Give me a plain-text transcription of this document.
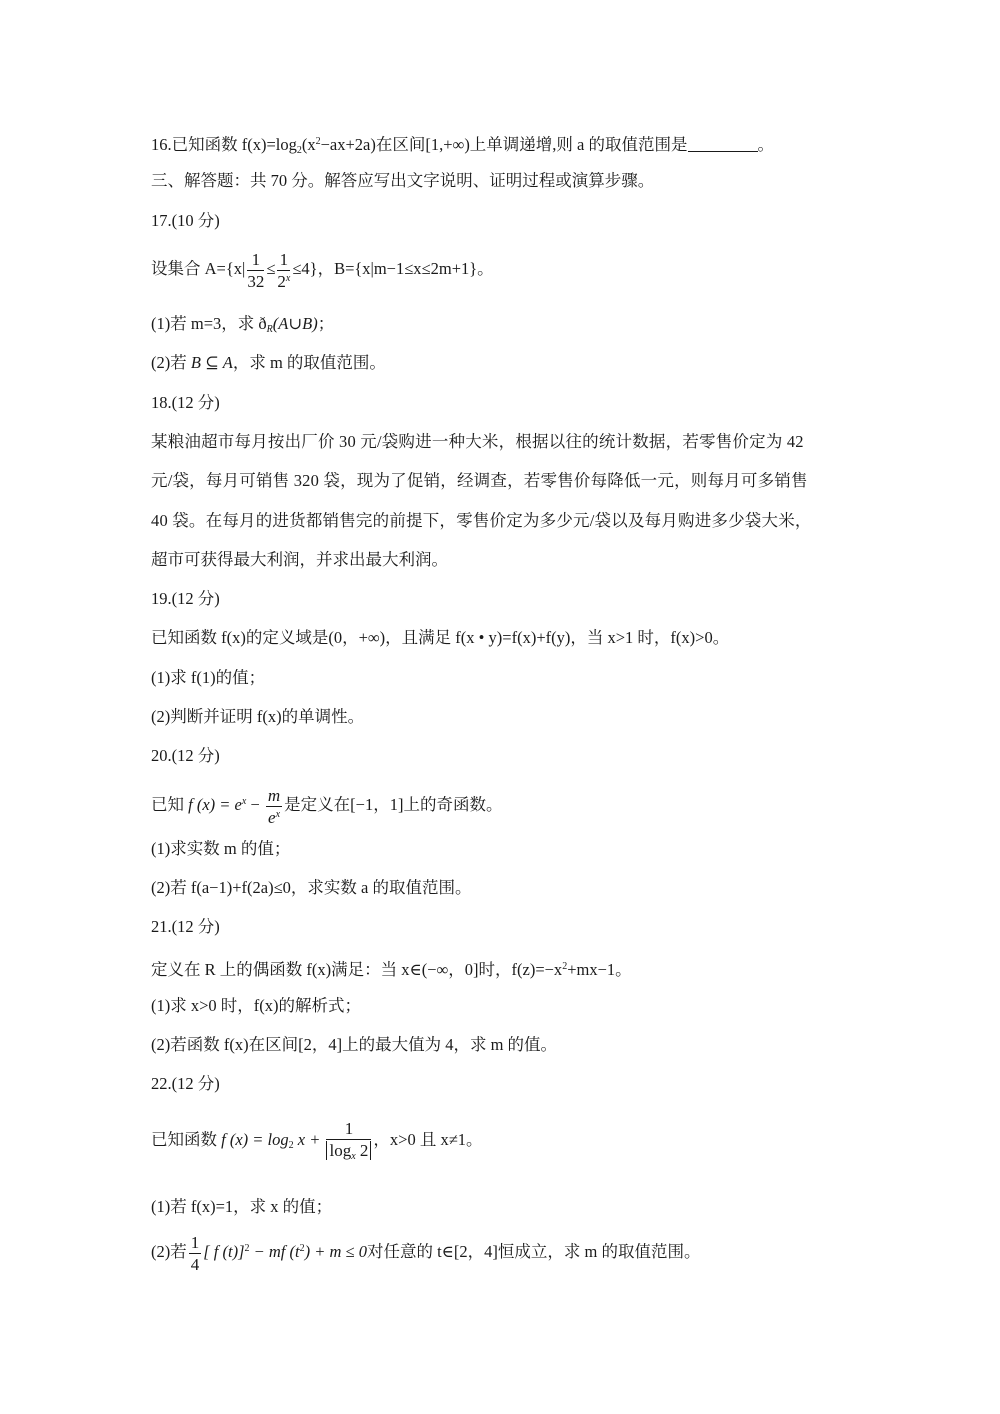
16.已知函数 $f(x)=\log_2(x^2-ax+2a)$在区间[1,+∞)上单调递增,则 a 的取值范围是	。
三、解答题：共 70 分。解答应写出文字说明、证明过程或演算步骤。
17.(10 分)
设集合 $A=\{x| \frac{1}{32} \le \frac{1}{2^x} \le 4\}$，B={x|m−1≤x≤2m+1}。
(1)若 m=3，求 $ð_R(A\cup B)$；
(2)若 B ⊆ A，求 m 的取值范围。
18.(12 分)
某粮油超市每月按出厂价 30 元/袋购进一种大米，根据以往的统计数据，若零售价定为 42
元/袋，每月可销售 320 袋，现为了促销，经调查，若零售价每降低一元，则每月可多销售
40 袋。在每月的进货都销售完的前提下，零售价定为多少元/袋以及每月购进多少袋大米，
超市可获得最大利润，并求出最大利润。
19.(12 分)
已知函数 f(x)的定义域是(0，+∞)，且满足 f(x • y)=f(x)+f(y)，当 x>1 时，f(x)>0。
(1)求 f(1)的值；
(2)判断并证明 f(x)的单调性。
20.(12 分)
已知 f $(x) = e^x - \frac{m}{e^x}$ 是定义在[−1，1]上的奇函数。
(1)求实数 m 的值；
(2)若 f(a−1)+f(2a)≤0，求实数 a 的取值范围。
21.(12 分)
定义在 R 上的偶函数 f(x)满足：当 x∈(−∞，0]时，$f(z)=-x^2+mx-1$。
(1)求 x>0 时，f(x)的解析式；
(2)若函数 f(x)在区间[2，4]上的最大值为 4，求 m 的值。
22.(12 分)
已知函数 f $(x) = \log_2 x + \frac{1}{\log_x 2}$ ，x>0 且 x≠1。
(1)若 f(x)=1，求 x 的值；
(2)若 $\frac{1}{4}$ [ f (t)]$^2$ − mf $(t^2) + m \le 0$对任意的 t∈[2，4]恒成立，求 m 的取值范围。
